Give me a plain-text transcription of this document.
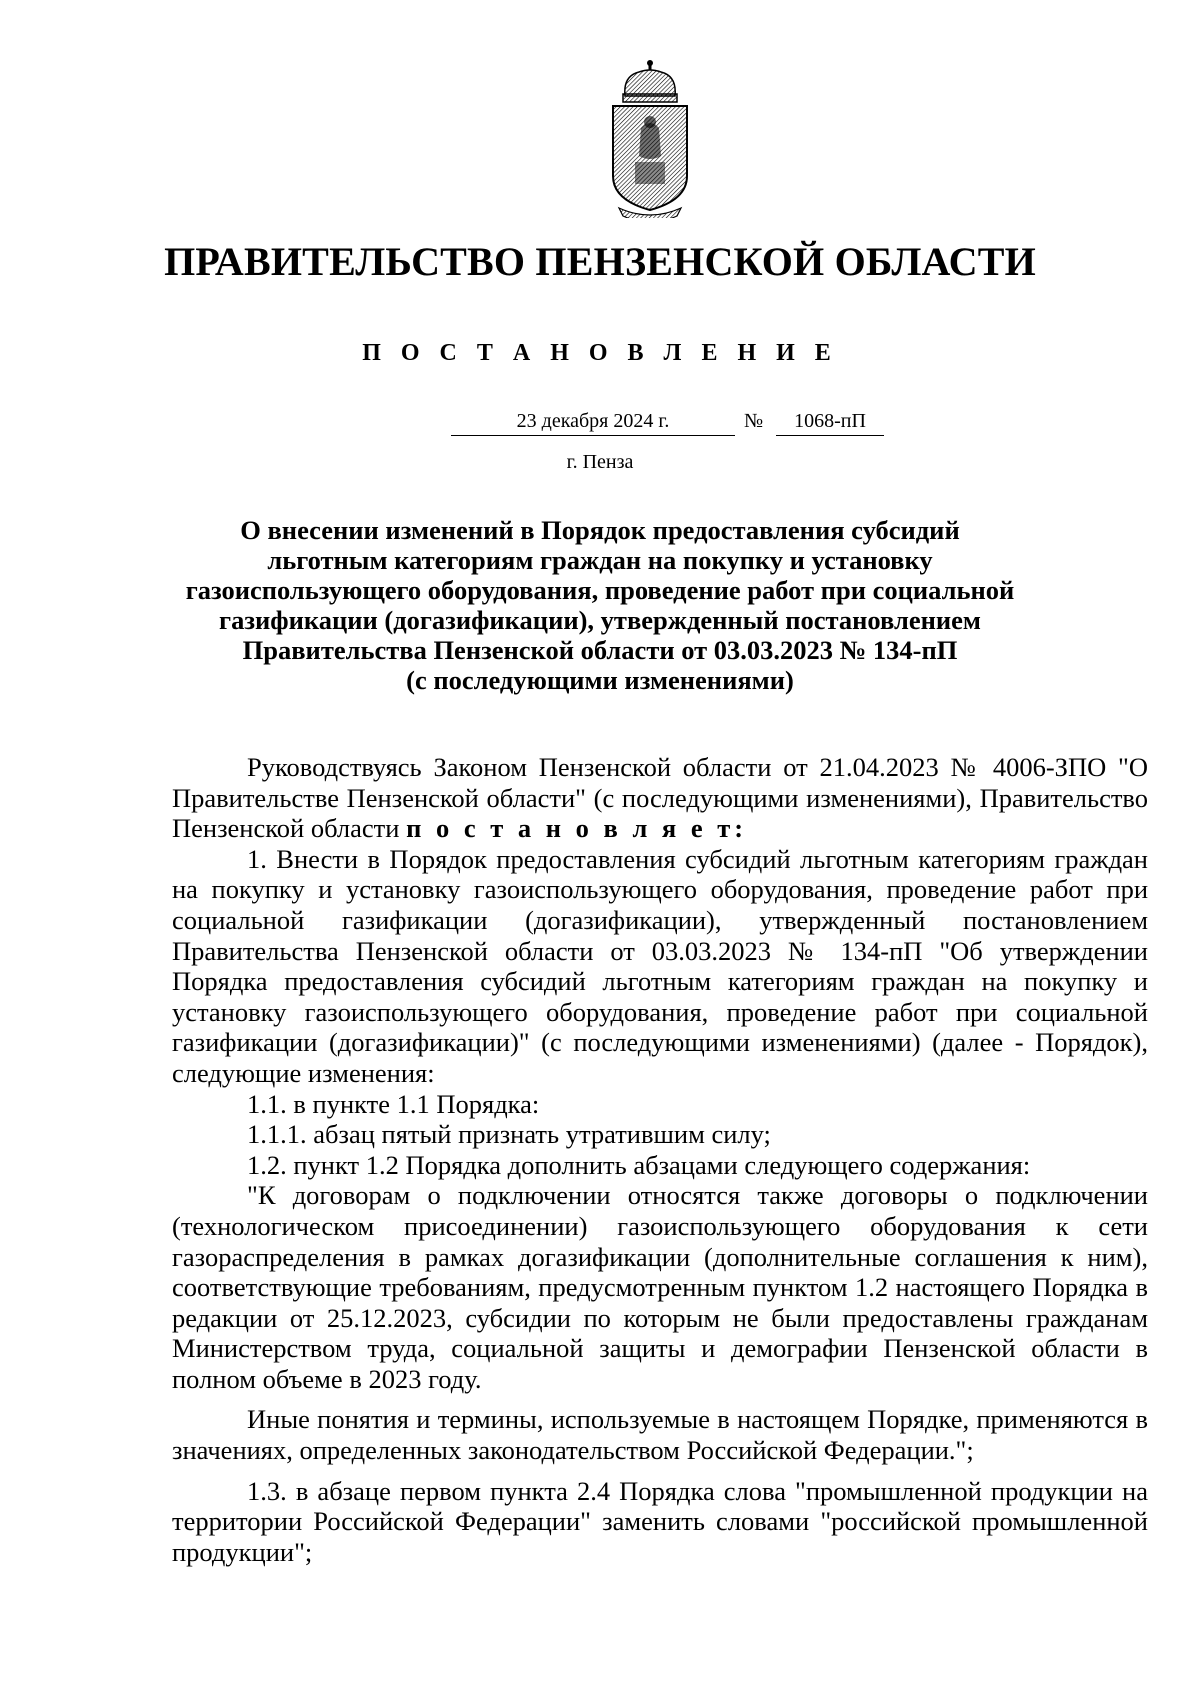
ПРАВИТЕЛЬСТВО ПЕНЗЕНСКОЙ ОБЛАСТИ
П О С Т А Н О В Л Е Н И Е
23 декабря 2024 г.	№	1068-пП
г. Пенза
О внесении изменений в Порядок предоставления субсидий
льготным категориям граждан на покупку и установку
газоиспользующего оборудования, проведение работ при социальной
газификации (догазификации), утвержденный постановлением
Правительства Пензенской области от 03.03.2023 № 134-пП
(с последующими изменениями)

Руководствуясь Законом Пензенской области от 21.04.2023 № 4006-ЗПО "О Правительстве Пензенской области" (с последующими изменениями), Правительство Пензенской области п о с т а н о в л я е т:

1. Внести в Порядок предоставления субсидий льготным категориям граждан на покупку и установку газоиспользующего оборудования, проведение работ при социальной газификации (догазификации), утвержденный постановлением Правительства Пензенской области от 03.03.2023 № 134-пП "Об утверждении Порядка предоставления субсидий льготным категориям граждан на покупку и установку газоиспользующего оборудования, проведение работ при социальной газификации (догазификации)" (с последующими изменениями) (далее - Порядок), следующие изменения:

1.1. в пункте 1.1 Порядка:

1.1.1. абзац пятый признать утратившим силу;

1.2. пункт 1.2 Порядка дополнить абзацами следующего содержания:

"К договорам о подключении относятся также договоры о подключении (технологическом присоединении) газоиспользующего оборудования к сети газораспределения в рамках догазификации (дополнительные соглашения к ним), соответствующие требованиям, предусмотренным пунктом 1.2 настоящего Порядка в редакции от 25.12.2023, субсидии по которым не были предоставлены гражданам Министерством труда, социальной защиты и демографии Пензенской области в полном объеме в 2023 году.

Иные понятия и термины, используемые в настоящем Порядке, применяются в значениях, определенных законодательством Российской Федерации.";

1.3. в абзаце первом пункта 2.4 Порядка слова "промышленной продукции на территории Российской Федерации" заменить словами "российской промышленной продукции";
